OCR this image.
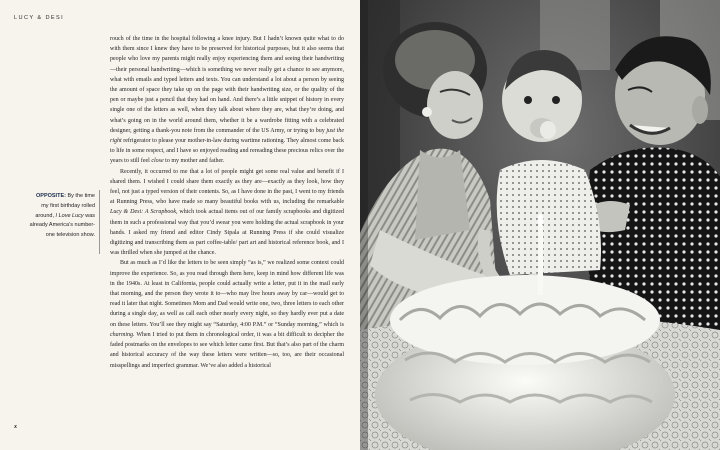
LUCY & DESI
OPPOSITE: By the time my first birthday rolled around, I Love Lucy was already America’s number-one television show.

rouch of the time in the hospital following a knee injury. But I hadn’t known quite what to do with them since I knew they have to be preserved for historical purposes, but it also seems that people who love my parents might really enjoy experiencing them and seeing their handwriting—their personal handwriting—which is something we never really get a chance to see anymore, what with emails and typed letters and texts. You can understand a lot about a person by seeing the amount of space they take up on the page with their handwriting size, or the quality of the pen or maybe just a pencil that they had on hand. And there’s a little snippet of history in every single one of the letters as well, when they talk about where they are, what they’re doing, and what’s going on in the world around them, whether it be a wardrobe fitting with a celebrated designer, getting a thank-you note from the commander of the US Army, or trying to buy just the right refrigerator to please your mother-in-law during wartime rationing. They almost come back to life in some respect, and I have so enjoyed reading and rereading these precious relics over the years to still feel close to my mother and father.

Recently, it occurred to me that a lot of people might get some real value and benefit if I shared them. I wished I could share them exactly as they are—exactly as they look, how they feel, not just a typed version of their contents. So, as I have done in the past, I went to my friends at Running Press, who have made so many beautiful books with us, including the remarkable Lucy & Desi: A Scrapbook, which took actual items out of our family scrapbooks and digitized them in such a professional way that you’d swear you were holding the actual scrapbook in your hands. I asked my friend and editor Cindy Sipala at Running Press if she could visualize digitizing and transcribing them as part coffee-table/ part art and historical reference book, and I was thrilled when she jumped at the chance.

But as much as I’d like the letters to be seen simply “as is,” we realized some context could improve the experience. So, as you read through them here, keep in mind how different life was in the 1940s. At least in California, people could actually write a letter, put it in the mail early that morning, and the person they wrote it to—who may live hours away by car—would get to read it later that night. Sometimes Mom and Dad would write one, two, three letters to each other during a single day, as well as call each other nearly every night, so they hardly ever put a date on these letters. You’ll see they might say “Saturday, 4:00 P.M.” or “Sunday morning,” which is charming. When I tried to put them in chronological order, it was a bit difficult to decipher the faded postmarks on the envelopes to see which letter came first. But that’s also part of the charm and historical accuracy of the way these letters were written—so, too, are their occasional misspellings and imperfect grammar. We’ve also added a historical

x
